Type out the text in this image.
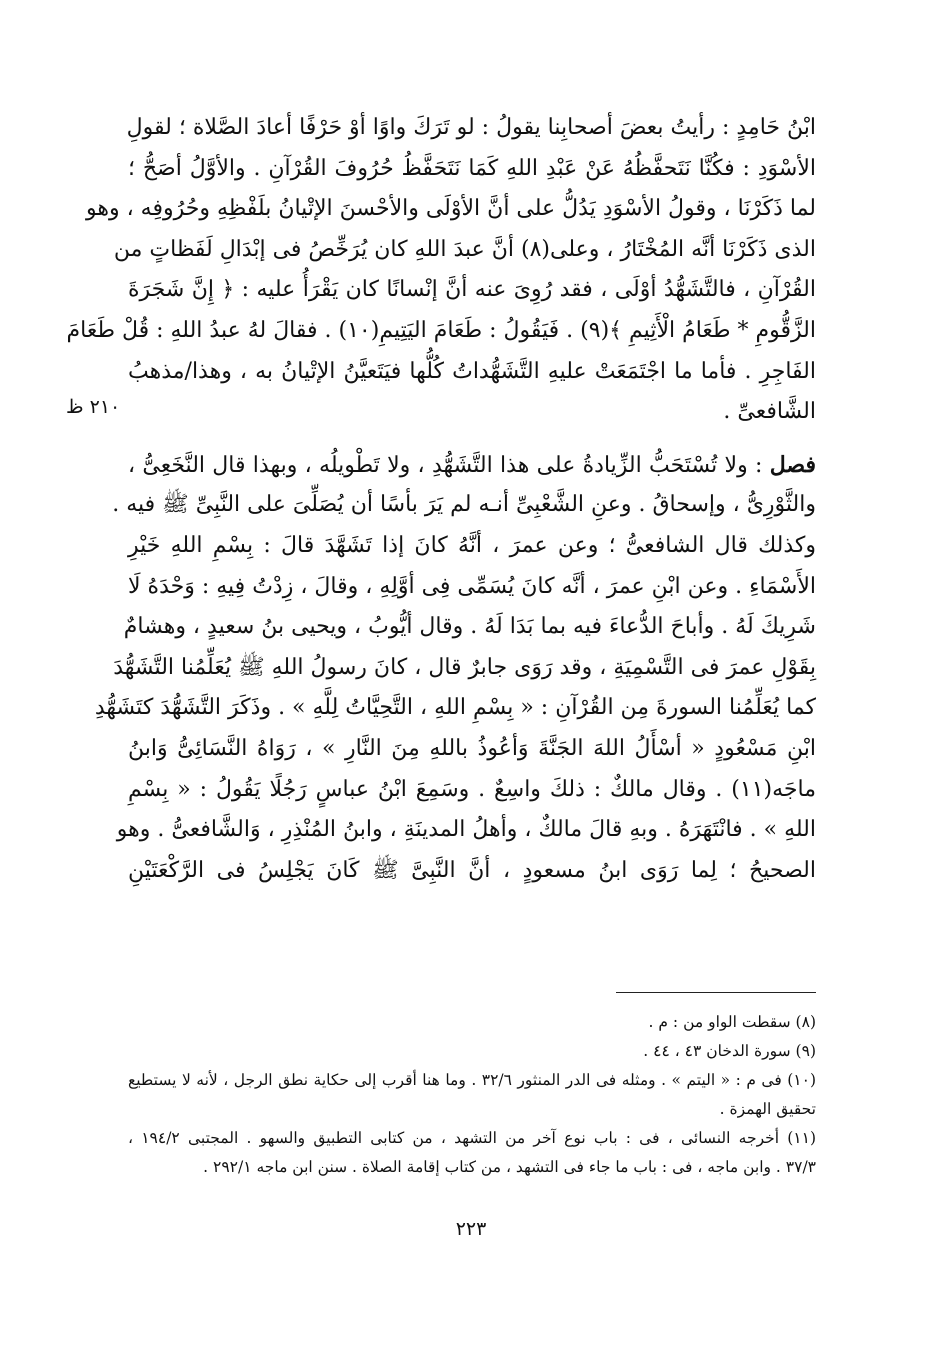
٢١٠ ظ
ابْنُ حَامِدٍ : رأيتُ بعضَ أصحابِنا يقولُ : لو تَرَكَ واوًا أوْ حَرْفًا أعادَ الصَّلاة ؛ لقولِ
الأسْوَدِ : فكُنَّا نَتَحفَّظُهُ عَنْ عَبْدِ اللهِ كَمَا نَتَحَفَّظُ حُرُوفَ القُرْآنِ . والأوَّلُ أصَحُّ ؛
لما ذَكَرْنَا ، وقولُ الأسْوَدِ يَدُلُّ على أنَّ الأوْلَى والأحْسنَ الإتْيانُ بلَفْظِهِ وحُرُوفِه ، وهو
الذى ذَكَرْنَا أنَّه المُخْتَارُ ، وعلى(٨) أنَّ عبدَ اللهِ كان يُرَخِّصُ فى إبْدَالِ لَفَظاتٍ من
القُرْآنِ ، فالتَّشَهُّدُ أوْلَى ، فقد رُوِىَ عنه أنَّ إنْسانًا كان يَقْرَأُ عليه : ﴿ إِنَّ شَجَرَةَ
الزَّقُّومِ * طَعَامُ الْأَثِيمِ ﴾(٩) . فَيَقُولُ : طَعَامَ اليَتِيمِ(١٠) . فقالَ لهُ عبدُ اللهِ : قُلْ طَعَامَ
الفَاجِرِ . فأما ما اجْتَمَعَتْ عليهِ التَّشَهُّداتُ كُلُّها فيَتَعيَّنُ الإتْيانُ به ، وهذا/مذهبُ
الشَّافعىِّ .
فصل : ولا تُسْتَحَبُّ الزِّيادةُ على هذا التَّشَهُّدِ ، ولا تَطْويلُه ، وبهذا قال النَّخَعِىُّ ،
والثَّوْرِىُّ ، وإسحاقُ . وعنِ الشَّعْبِىِّ أنـه لم يَرَ بأسًا أن يُصَلِّىَ على النَّبِىِّ ﷺ فيه .
وكذلك قال الشافعىُّ ؛ وعن عمرَ ، أنَّهُ كانَ إذا تَشَهَّدَ قالَ : بِسْمِ اللهِ خَيْرِ
الأَسْمَاءِ . وعن ابْنِ عمرَ ، أنَّه كانَ يُسَمِّى فِى أوَّلِهِ ، وقالَ ، زِدْتُ فِيهِ : وَحْدَهُ لَا
شَرِيكَ لَهُ . وأباحَ الدُّعاءَ فيه بما بَدَا لَهُ . وقال أيُّوبُ ، ويحيى بنُ سعيدٍ ، وهشامٌ
بِقَوْلِ عمرَ فى التَّسْمِيَةِ ، وقد رَوَى جابرٌ قال ، كانَ رسولُ اللهِ ﷺ يُعَلِّمُنا التَّشَهُّدَ
كما يُعَلِّمُنا السورةَ مِن القُرْآنِ : « بِسْمِ اللهِ ، التَّحِيَّاتُ لِلَّهِ » . وذَكَرَ التَّشَهُّدَ كتَشَهُّدِ
ابْنِ مَسْعُودٍ « أسْأَلُ اللهَ الجَنَّةَ وَأعُوذُ باللهِ مِنَ النَّارِ » ، رَوَاهُ النَّسَائِىُّ وَابنُ
ماجَه(١١) . وقال مالكٌ : ذلكَ واسِعٌ . وسَمِعَ ابْنُ عباسٍ رَجُلًا يَقُولُ : « بِسْمِ
اللهِ » . فانْتَهَرَهُ . وبهِ قالَ مالكٌ ، وأهلُ المدينَةِ ، وابنُ المُنْذِرِ ، وَالشَّافعىُّ . وهو
الصحيحُ ؛ لِما رَوَى ابنُ مسعودٍ ، أنَّ النَّبِىَّ ﷺ كَانَ يَجْلِسُ فى الرَّكْعَتَيْنِ
(٨) سقطت الواو من : م .
(٩) سورة الدخان ٤٣ ، ٤٤ .
(١٠) فى م : « اليتم » . ومثله فى الدر المنثور ٣٢/٦ . وما هنا أقرب إلى حكاية نطق الرجل ، لأنه لا يستطيع
تحقيق الهمزة .
(١١) أخرجه النسائى ، فى : باب نوع آخر من التشهد ، من كتابى التطبيق والسهو . المجتبى ١٩٤/٢ ،
٣٧/٣ . وابن ماجه ، فى : باب ما جاء فى التشهد ، من كتاب إقامة الصلاة . سنن ابن ماجه ٢٩٢/١ .
٢٢٣
